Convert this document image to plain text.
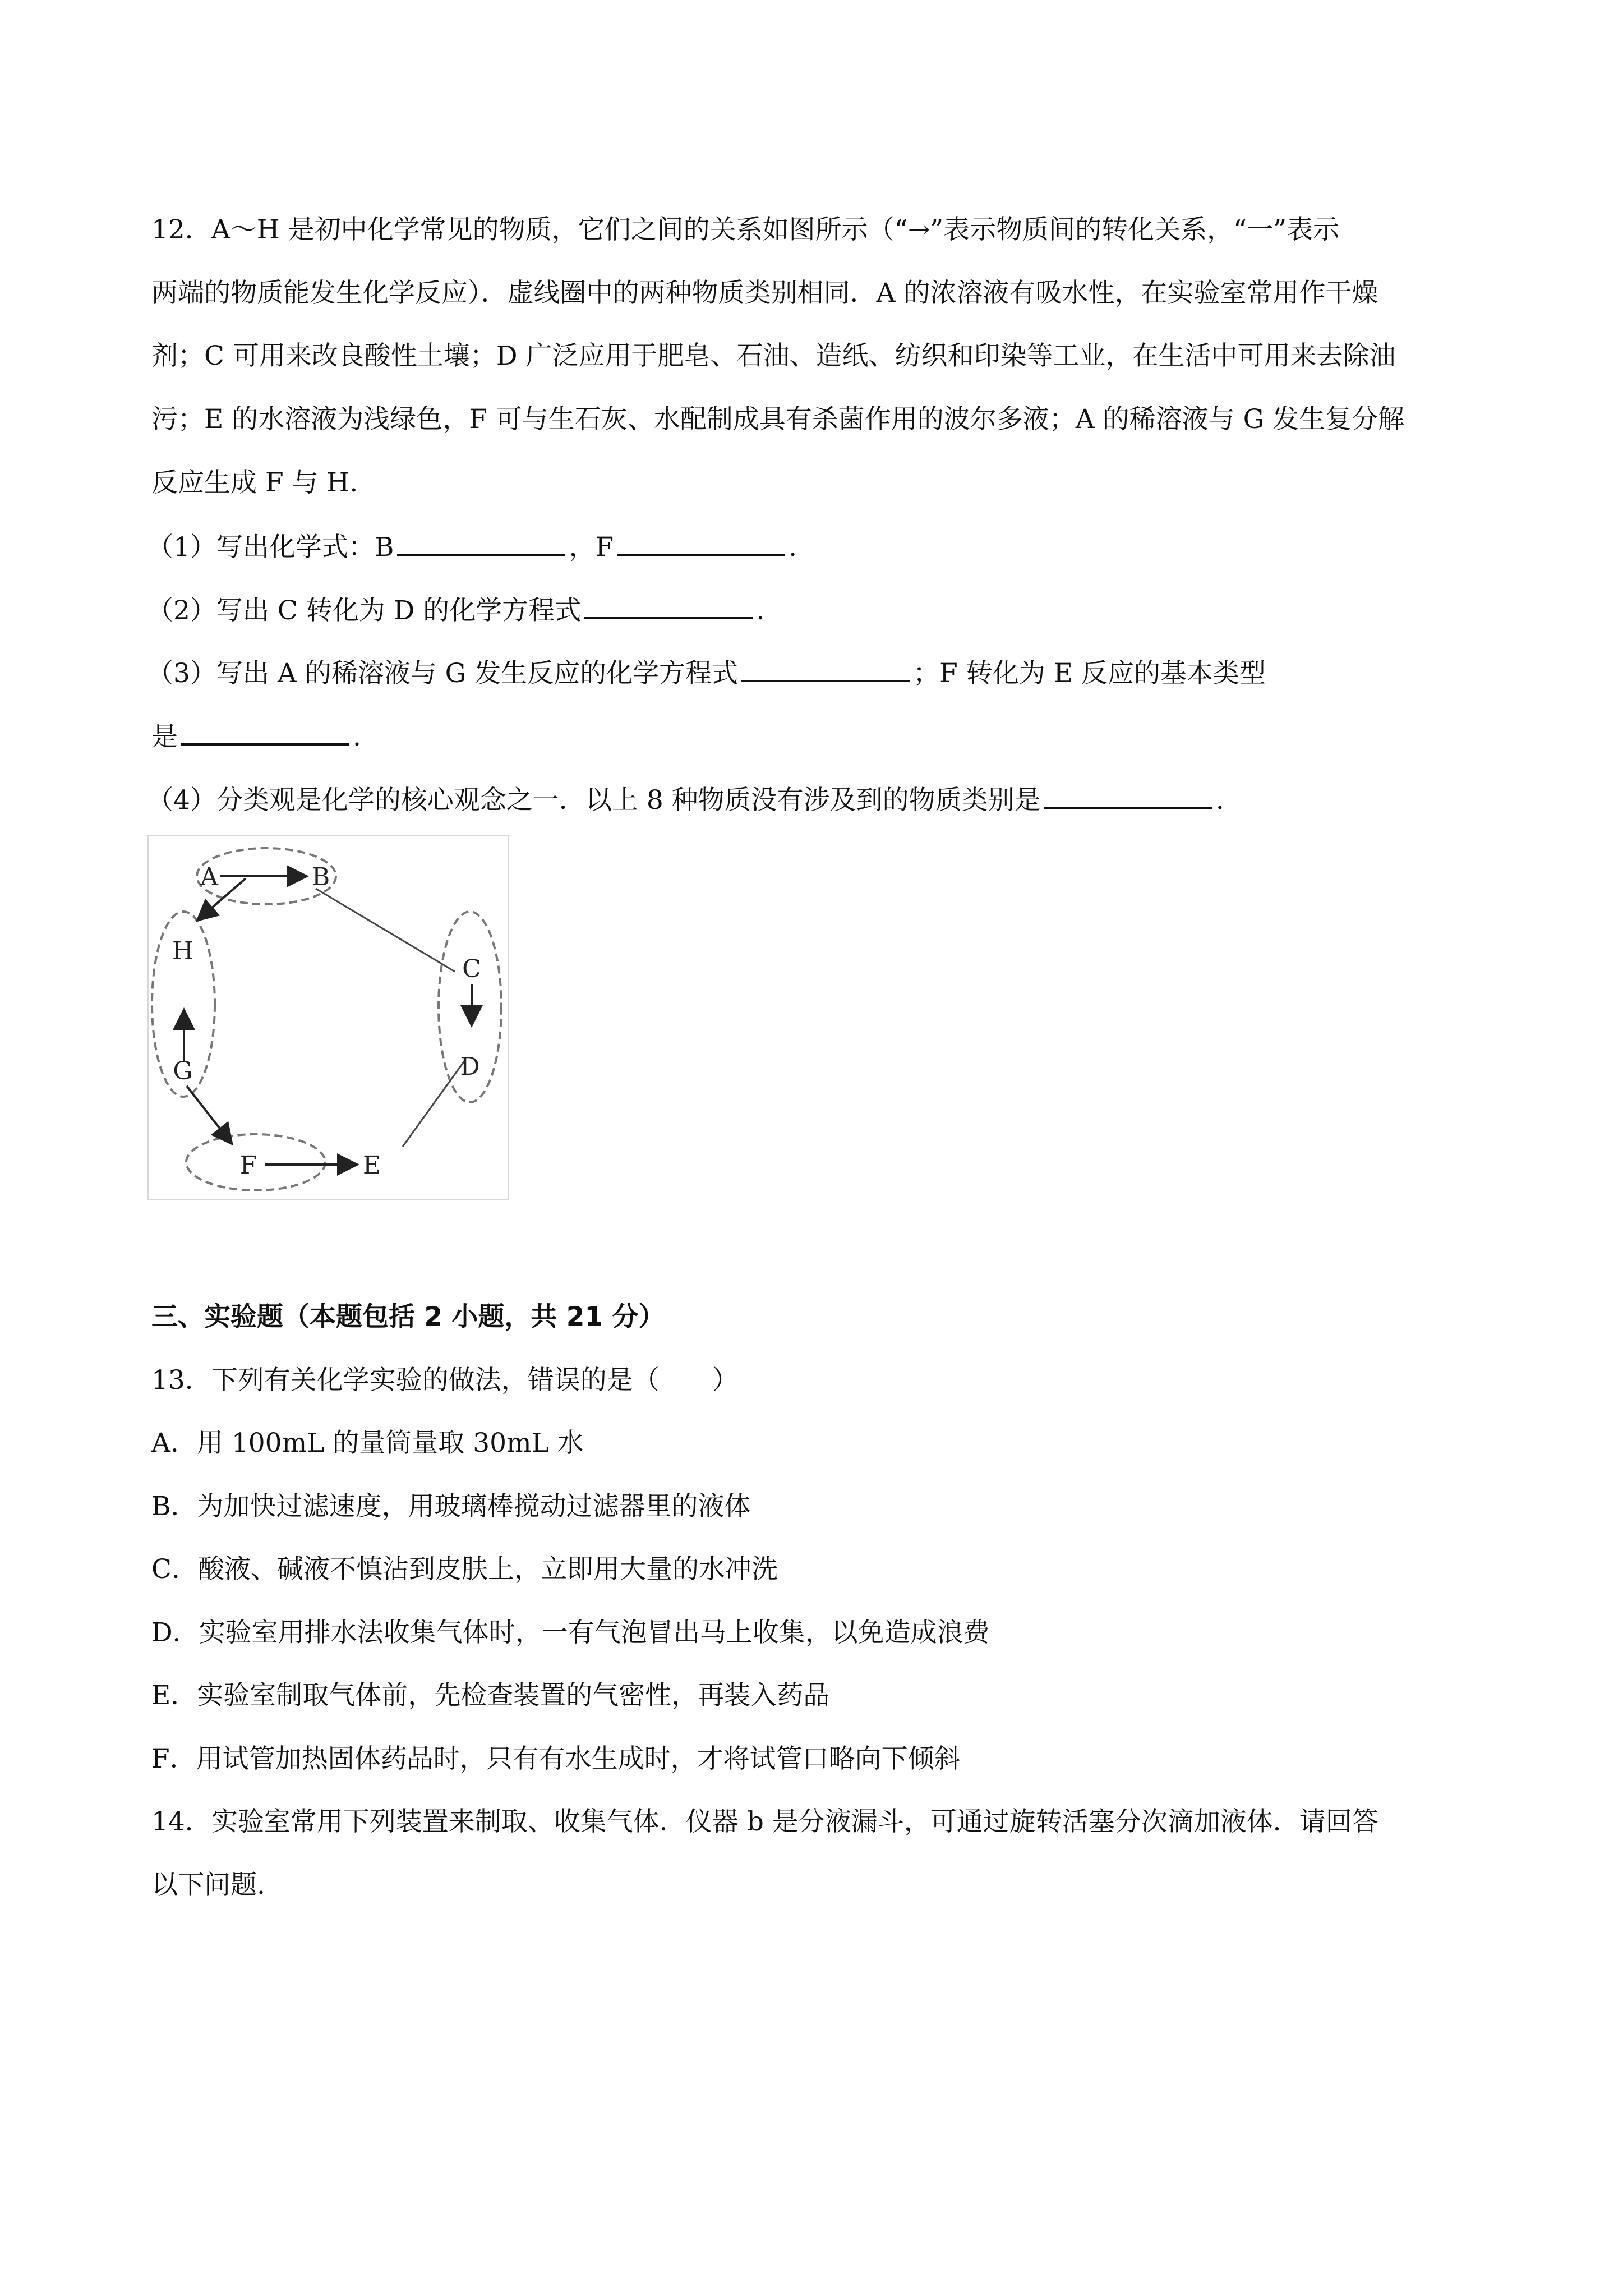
12．A～H 是初中化学常见的物质，它们之间的关系如图所示（“→”表示物质间的转化关系，“一”表示
两端的物质能发生化学反应）．虚线圈中的两种物质类别相同．A 的浓溶液有吸水性，在实验室常用作干燥
剂；C 可用来改良酸性土壤；D 广泛应用于肥皂、石油、造纸、纺织和印染等工业，在生活中可用来去除油
污；E 的水溶液为浅绿色，F 可与生石灰、水配制成具有杀菌作用的波尔多液；A 的稀溶液与 G 发生复分解
反应生成 F 与 H.
（1）写出化学式：B	，F	.
（2）写出 C 转化为 D 的化学方程式	.
（3）写出 A 的稀溶液与 G 发生反应的化学方程式	；F 转化为 E 反应的基本类型
是	.
（4）分类观是化学的核心观念之一．以上 8 种物质没有涉及到的物质类别是	.
A	B
C
D
E
F
G
H
三、实验题（本题包括 2 小题，共 21 分）
13．下列有关化学实验的做法，错误的是（　　）
A．用 100mL 的量筒量取 30mL 水
B．为加快过滤速度，用玻璃棒搅动过滤器里的液体
C．酸液、碱液不慎沾到皮肤上，立即用大量的水冲洗
D．实验室用排水法收集气体时，一有气泡冒出马上收集，以免造成浪费
E．实验室制取气体前，先检查装置的气密性，再装入药品
F．用试管加热固体药品时，只有有水生成时，才将试管口略向下倾斜
14．实验室常用下列装置来制取、收集气体．仪器 b 是分液漏斗，可通过旋转活塞分次滴加液体．请回答
以下问题.
